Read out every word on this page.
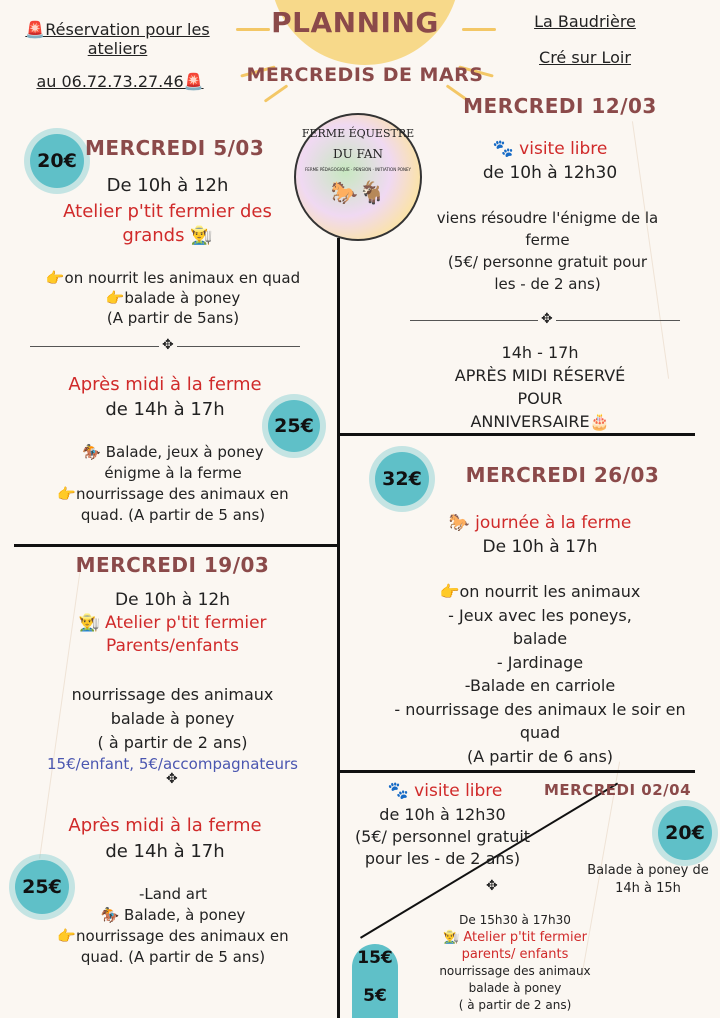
🚨Réservation pour les
ateliers
au 06.72.73.27.46🚨
PLANNING
MERCREDIS DE MARS
La Baudrière
Cré sur Loir
FERME ÉQUESTRE
DU FAN
FERME PÉDAGOGIQUE · PENSION · INITIATION PONEY
🐎🐐
✥
✥
✥
✥
20€
MERCREDI 5/03
De 10h à 12h
Atelier p'tit fermier des grands 👨‍🌾
👉on nourrit les animaux en quad
👉balade à poney
(A partir de 5ans)
Après midi à la ferme
de 14h à 17h
25€
🏇 Balade, jeux à poney
énigme à la ferme
👉nourrissage des animaux en
quad. (A partir de 5 ans)
MERCREDI 12/03
🐾 visite libre
de 10h à 12h30
viens résoudre l'énigme de la
ferme
(5€/ personne gratuit pour
les - de 2 ans)
14h - 17h
APRÈS MIDI RÉSERVÉ
POUR
ANNIVERSAIRE🎂
32€	MERCREDI 26/03
🐎 journée à la ferme
De 10h à 17h
👉on nourrit les animaux
- Jeux avec les poneys,
balade
- Jardinage
-Balade en carriole
- nourrissage des animaux le soir en
quad
(A partir de 6 ans)
MERCREDI 19/03
De 10h à 12h
👨‍🌾 Atelier p'tit fermier
Parents/enfants
nourrissage des animaux
balade à poney
( à partir de 2 ans)
15€/enfant, 5€/accompagnateurs
Après midi à la ferme
de 14h à 17h
25€	-Land art
🏇 Balade, à poney
👉nourrissage des animaux en
quad. (A partir de 5 ans)
🐾 visite libre	MERCREDI 02/04
de 10h à 12h30
(5€/ personnel gratuit
pour les - de 2 ans)
20€
Balade à poney de
14h à 15h
De 15h30 à 17h30
👨‍🌾 Atelier p'tit fermier
parents/ enfants
nourrissage des animaux
balade à poney
( à partir de 2 ans)
15€
5€
